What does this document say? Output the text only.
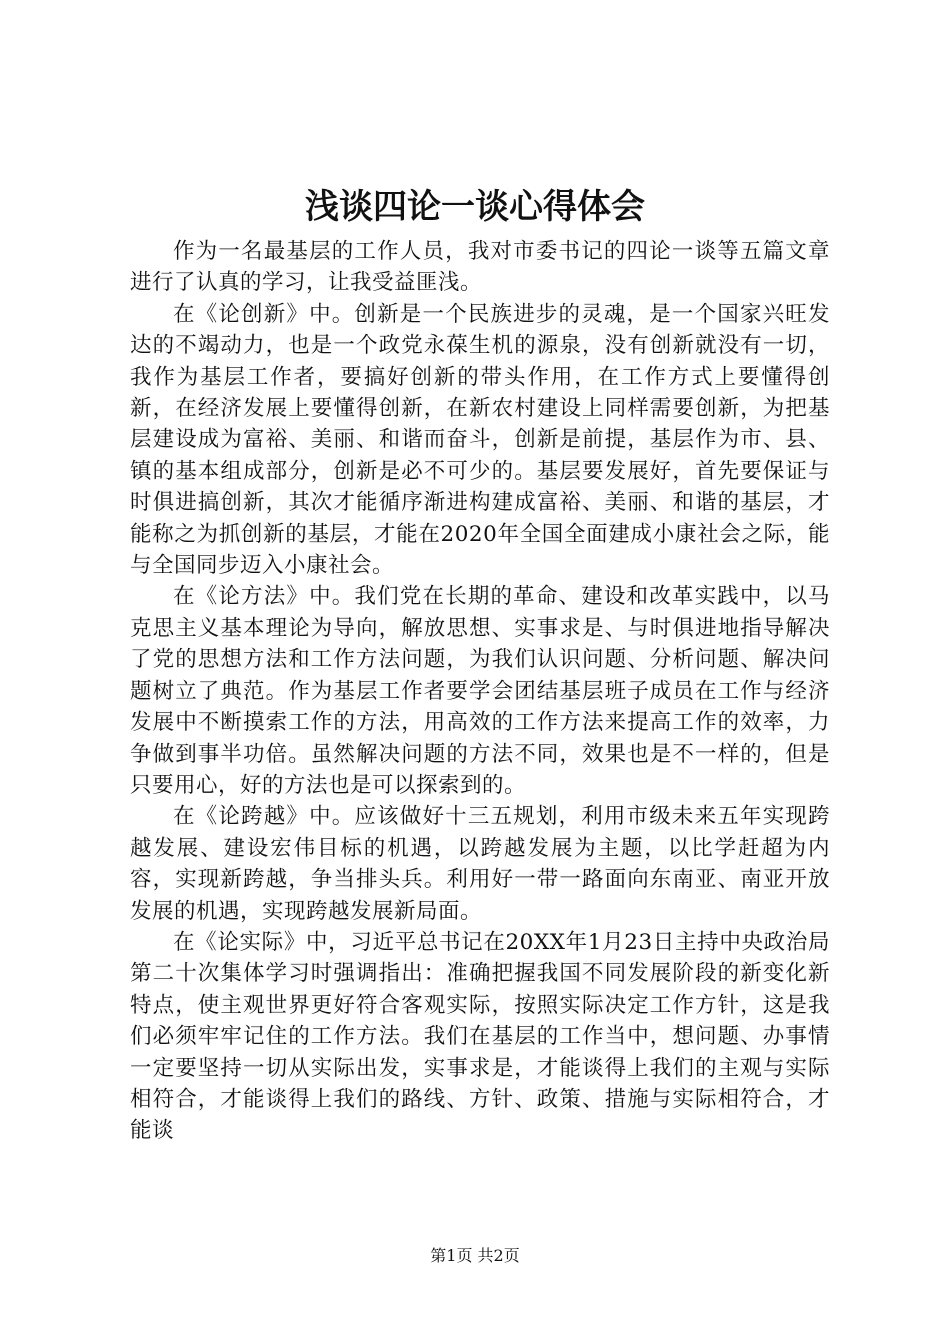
浅谈四论一谈心得体会

作为一名最基层的工作人员，我对市委书记的四论一谈等五篇文章进行了认真的学习，让我受益匪浅。

在《论创新》中。创新是一个民族进步的灵魂，是一个国家兴旺发达的不竭动力，也是一个政党永葆生机的源泉，没有创新就没有一切，我作为基层工作者，要搞好创新的带头作用，在工作方式上要懂得创新，在经济发展上要懂得创新，在新农村建设上同样需要创新，为把基层建设成为富裕、美丽、和谐而奋斗，创新是前提，基层作为市、县、镇的基本组成部分，创新是必不可少的。基层要发展好，首先要保证与时俱进搞创新，其次才能循序渐进构建成富裕、美丽、和谐的基层，才能称之为抓创新的基层，才能在2020年全国全面建成小康社会之际，能与全国同步迈入小康社会。

在《论方法》中。我们党在长期的革命、建设和改革实践中，以马克思主义基本理论为导向，解放思想、实事求是、与时俱进地指导解决了党的思想方法和工作方法问题，为我们认识问题、分析问题、解决问题树立了典范。作为基层工作者要学会团结基层班子成员在工作与经济发展中不断摸索工作的方法，用高效的工作方法来提高工作的效率，力争做到事半功倍。虽然解决问题的方法不同，效果也是不一样的，但是只要用心，好的方法也是可以探索到的。

在《论跨越》中。应该做好十三五规划，利用市级未来五年实现跨越发展、建设宏伟目标的机遇，以跨越发展为主题，以比学赶超为内容，实现新跨越，争当排头兵。利用好一带一路面向东南亚、南亚开放发展的机遇，实现跨越发展新局面。

在《论实际》中，习近平总书记在20XX年1月23日主持中央政治局第二十次集体学习时强调指出：准确把握我国不同发展阶段的新变化新特点，使主观世界更好符合客观实际，按照实际决定工作方针，这是我们必须牢牢记住的工作方法。我们在基层的工作当中，想问题、办事情一定要坚持一切从实际出发，实事求是，才能谈得上我们的主观与实际相符合，才能谈得上我们的路线、方针、政策、措施与实际相符合，才能谈

第1页 共2页
